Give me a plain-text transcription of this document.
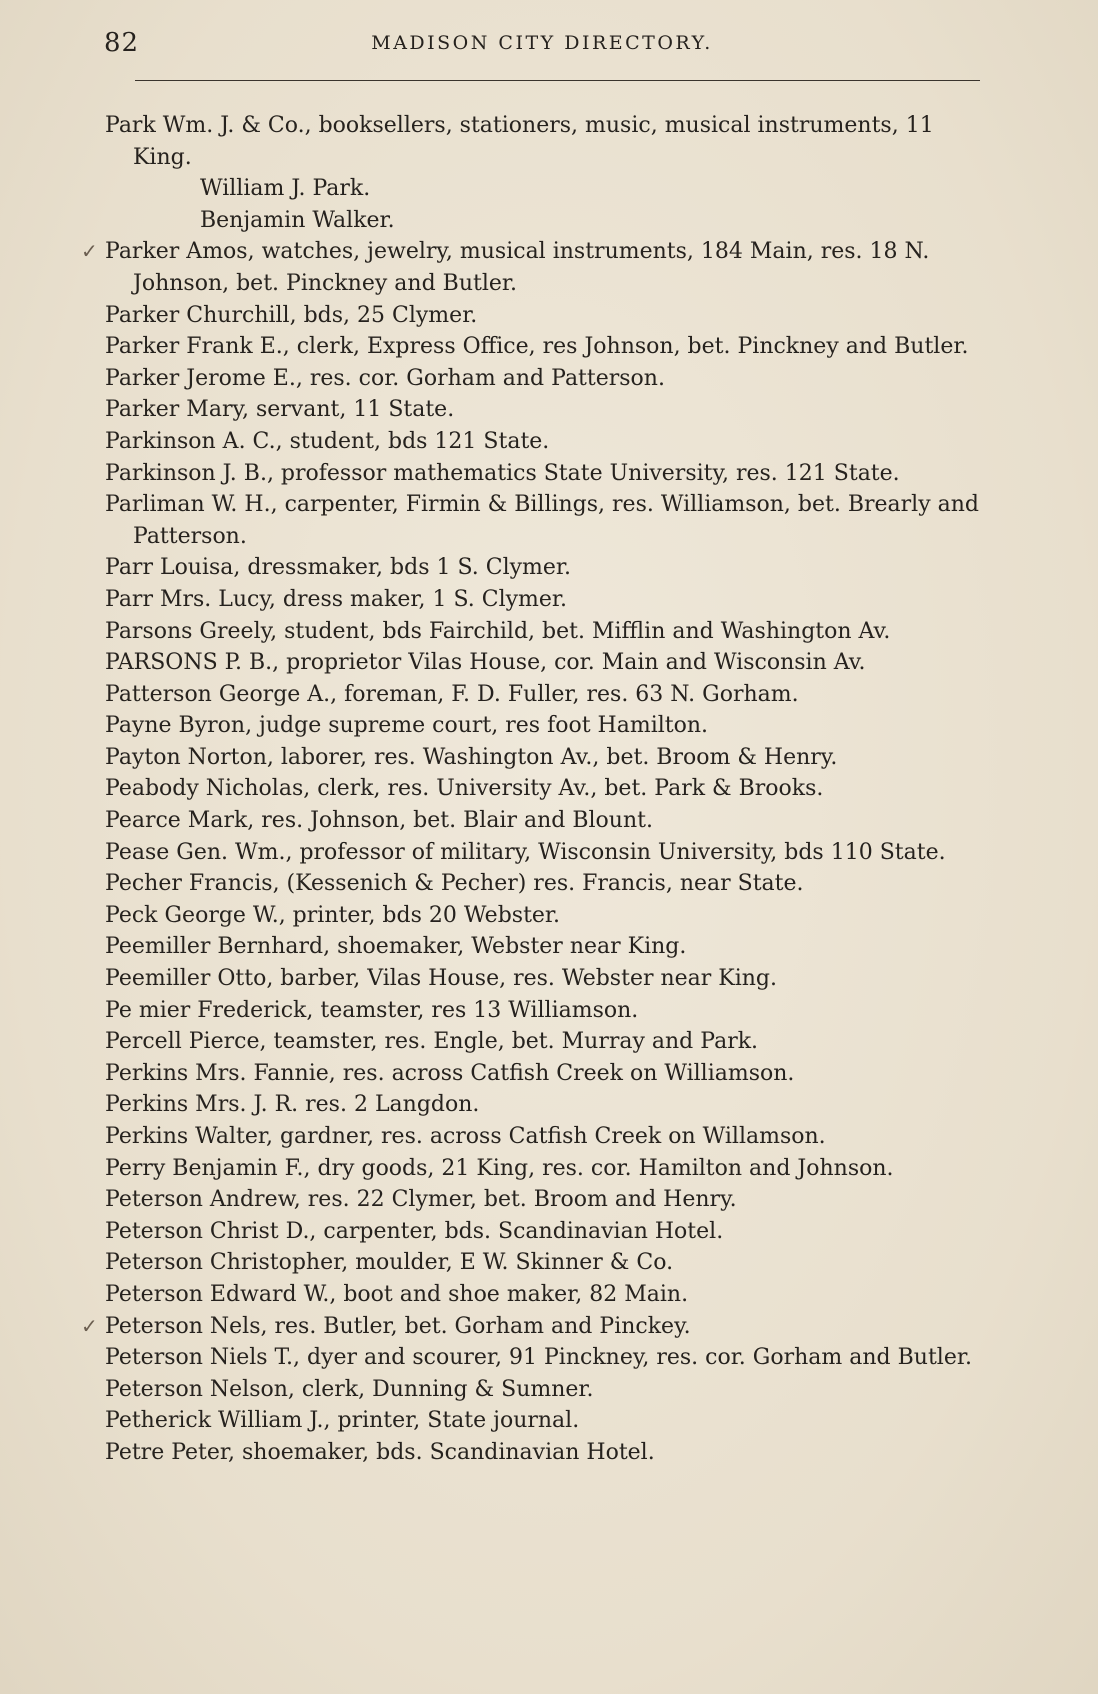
82	MADISON CITY DIRECTORY.
Park Wm. J. & Co., booksellers, stationers, music, musical instruments, 11 King.
William J. Park.
Benjamin Walker.
✓ Parker Amos, watches, jewelry, musical instruments, 184 Main, res. 18 N. Johnson, bet. Pinckney and Butler.
Parker Churchill, bds, 25 Clymer.
Parker Frank E., clerk, Express Office, res Johnson, bet. Pinckney and Butler.
Parker Jerome E., res. cor. Gorham and Patterson.
Parker Mary, servant, 11 State.
Parkinson A. C., student, bds 121 State.
Parkinson J. B., professor mathematics State University, res. 121 State.
Parliman W. H., carpenter, Firmin & Billings, res. Williamson, bet. Brearly and Patterson.
Parr Louisa, dressmaker, bds 1 S. Clymer.
Parr Mrs. Lucy, dress maker, 1 S. Clymer.
Parsons Greely, student, bds Fairchild, bet. Mifflin and Washington Av.
PARSONS P. B., proprietor Vilas House, cor. Main and Wisconsin Av.
Patterson George A., foreman, F. D. Fuller, res. 63 N. Gorham.
Payne Byron, judge supreme court, res foot Hamilton.
Payton Norton, laborer, res. Washington Av., bet. Broom & Henry.
Peabody Nicholas, clerk, res. University Av., bet. Park & Brooks.
Pearce Mark, res. Johnson, bet. Blair and Blount.
Pease Gen. Wm., professor of military, Wisconsin University, bds 110 State.
Pecher Francis, (Kessenich & Pecher) res. Francis, near State.
Peck George W., printer, bds 20 Webster.
Peemiller Bernhard, shoemaker, Webster near King.
Peemiller Otto, barber, Vilas House, res. Webster near King.
Pe mier Frederick, teamster, res 13 Williamson.
Percell Pierce, teamster, res. Engle, bet. Murray and Park.
Perkins Mrs. Fannie, res. across Catfish Creek on Williamson.
Perkins Mrs. J. R. res. 2 Langdon.
Perkins Walter, gardner, res. across Catfish Creek on Willamson.
Perry Benjamin F., dry goods, 21 King, res. cor. Hamilton and Johnson.
Peterson Andrew, res. 22 Clymer, bet. Broom and Henry.
Peterson Christ D., carpenter, bds. Scandinavian Hotel.
Peterson Christopher, moulder, E W. Skinner & Co.
Peterson Edward W., boot and shoe maker, 82 Main.
✓ Peterson Nels, res. Butler, bet. Gorham and Pinckey.
Peterson Niels T., dyer and scourer, 91 Pinckney, res. cor. Gorham and Butler.
Peterson Nelson, clerk, Dunning & Sumner.
Petherick William J., printer, State journal.
Petre Peter, shoemaker, bds. Scandinavian Hotel.
